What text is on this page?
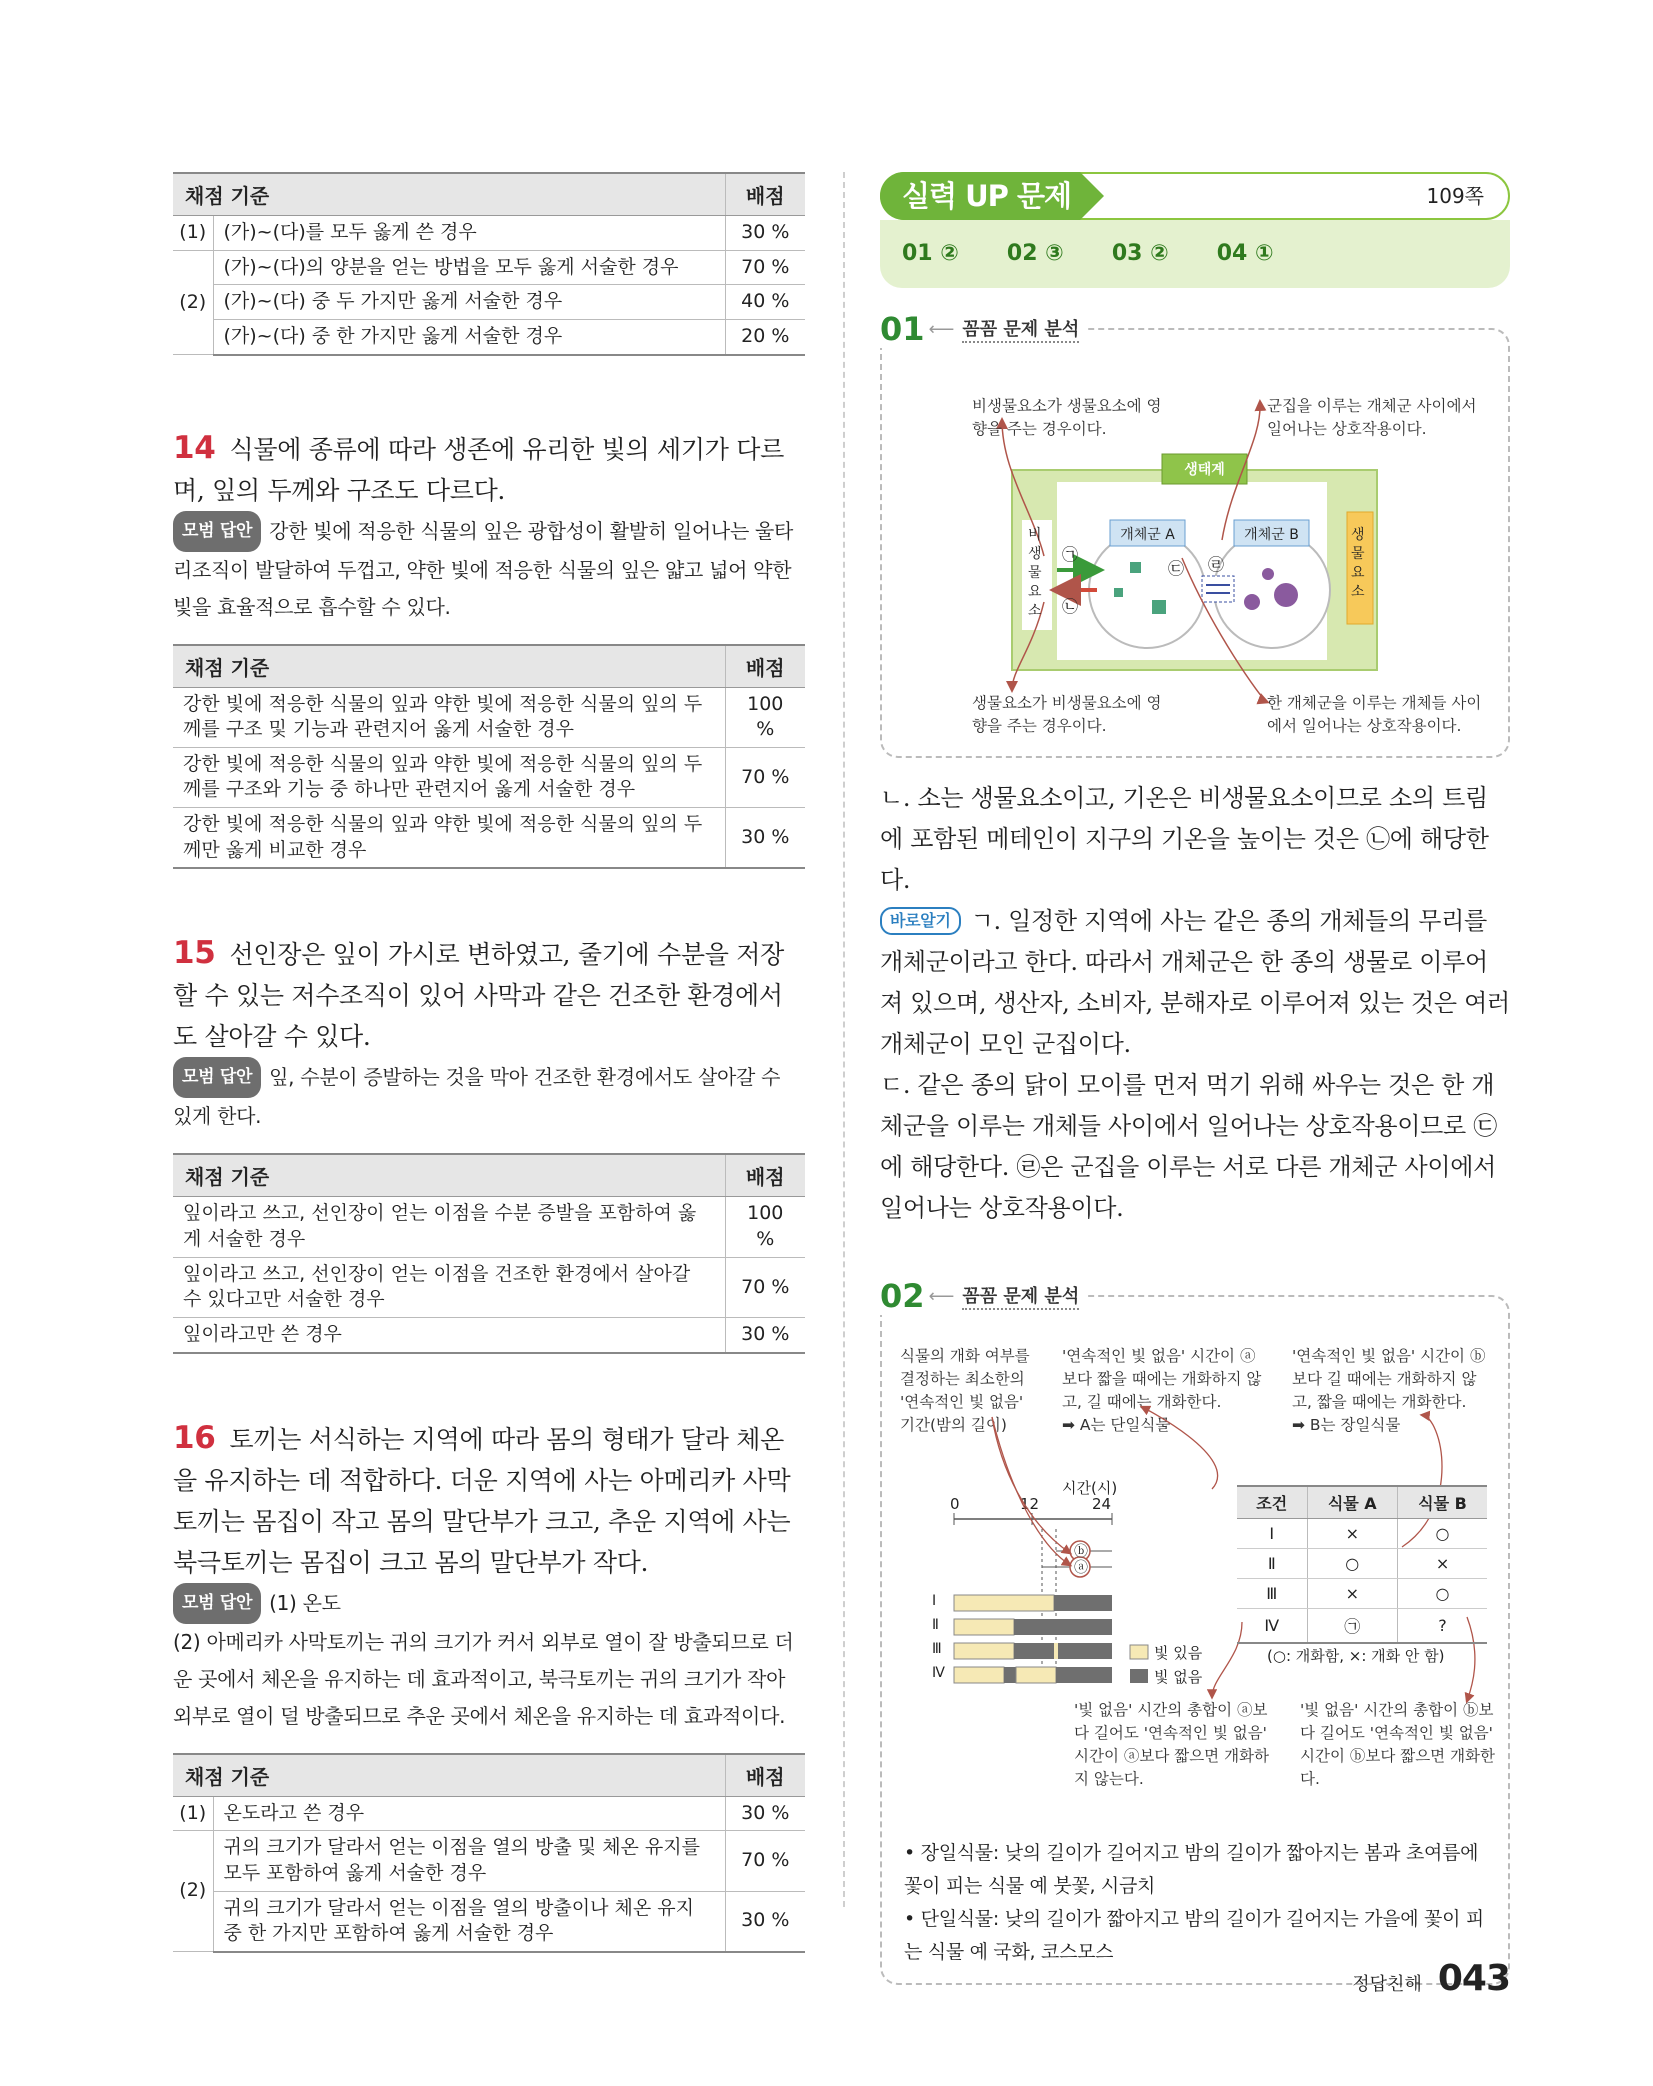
채점 기준		배점
(1)	(가)~(다)를 모두 옳게 쓴 경우	30 %
(2)	(가)~(다)의 양분을 얻는 방법을 모두 옳게 서술한 경우	70 %
	(가)~(다) 중 두 가지만 옳게 서술한 경우	40 %
	(가)~(다) 중 한 가지만 옳게 서술한 경우	20 %
14 식물에 종류에 따라 생존에 유리한 빛의 세기가 다르며, 잎의 두께와 구조도 다르다.
모범 답안 강한 빛에 적응한 식물의 잎은 광합성이 활발히 일어나는 울타리조직이 발달하여 두껍고, 약한 빛에 적응한 식물의 잎은 얇고 넓어 약한 빛을 효율적으로 흡수할 수 있다.
채점 기준	배점
강한 빛에 적응한 식물의 잎과 약한 빛에 적응한 식물의 잎의 두께를 구조 및 기능과 관련지어 옳게 서술한 경우	100 %
강한 빛에 적응한 식물의 잎과 약한 빛에 적응한 식물의 잎의 두께를 구조와 기능 중 하나만 관련지어 옳게 서술한 경우	70 %
강한 빛에 적응한 식물의 잎과 약한 빛에 적응한 식물의 잎의 두께만 옳게 비교한 경우	30 %
15 선인장은 잎이 가시로 변하였고, 줄기에 수분을 저장할 수 있는 저수조직이 있어 사막과 같은 건조한 환경에서도 살아갈 수 있다.
모범 답안 잎, 수분이 증발하는 것을 막아 건조한 환경에서도 살아갈 수 있게 한다.
채점 기준	배점
잎이라고 쓰고, 선인장이 얻는 이점을 수분 증발을 포함하여 옳게 서술한 경우	100 %
잎이라고 쓰고, 선인장이 얻는 이점을 건조한 환경에서 살아갈 수 있다고만 서술한 경우	70 %
잎이라고만 쓴 경우	30 %
16 토끼는 서식하는 지역에 따라 몸의 형태가 달라 체온을 유지하는 데 적합하다. 더운 지역에 사는 아메리카 사막토끼는 몸집이 작고 몸의 말단부가 크고, 추운 지역에 사는 북극토끼는 몸집이 크고 몸의 말단부가 작다.
모범 답안 (1) 온도
(2) 아메리카 사막토끼는 귀의 크기가 커서 외부로 열이 잘 방출되므로 더운 곳에서 체온을 유지하는 데 효과적이고, 북극토끼는 귀의 크기가 작아 외부로 열이 덜 방출되므로 추운 곳에서 체온을 유지하는 데 효과적이다.
채점 기준		배점
(1)	온도라고 쓴 경우	30 %
(2)	귀의 크기가 달라서 얻는 이점을 열의 방출 및 체온 유지를 모두 포함하여 옳게 서술한 경우	70 %
	귀의 크기가 달라서 얻는 이점을 열의 방출이나 체온 유지 중 한 가지만 포함하여 옳게 서술한 경우	30 %
실력 UP 문제	109쪽
01 ② 02 ③ 03 ② 04 ①
01 ⟵ 꼼꼼 문제 분석
비생물요소가 생물요소에 영향을 주는 경우이다.
군집을 이루는 개체군 사이에서 일어나는 상호작용이다.
생물요소가 비생물요소에 영향을 주는 경우이다.
한 개체군을 이루는 개체들 사이에서 일어나는 상호작용이다.
생태계
개체군 A	개체군 B
비생물요소
생물요소
㉠
㉡
㉢ ㉣
ㄴ. 소는 생물요소이고, 기온은 비생물요소이므로 소의 트림에 포함된 메테인이 지구의 기온을 높이는 것은 ㉡에 해당한다.
바로알기 ㄱ. 일정한 지역에 사는 같은 종의 개체들의 무리를 개체군이라고 한다. 따라서 개체군은 한 종의 생물로 이루어져 있으며, 생산자, 소비자, 분해자로 이루어져 있는 것은 여러 개체군이 모인 군집이다.
ㄷ. 같은 종의 닭이 모이를 먼저 먹기 위해 싸우는 것은 한 개체군을 이루는 개체들 사이에서 일어나는 상호작용이므로 ㉢에 해당한다. ㉣은 군집을 이루는 서로 다른 개체군 사이에서 일어나는 상호작용이다.
02 ⟵ 꼼꼼 문제 분석
식물의 개화 여부를 결정하는 최소한의 '연속적인 빛 없음' 기간(밤의 길이)
'연속적인 빛 없음' 시간이 ⓐ보다 짧을 때에는 개화하지 않고, 길 때에는 개화한다.
➡ A는 단일식물
'연속적인 빛 없음' 시간이 ⓑ보다 길 때에는 개화하지 않고, 짧을 때에는 개화한다.
➡ B는 장일식물
시간(시)
0	12	24
ⓑ
ⓐ
Ⅰ
Ⅱ
Ⅲ
Ⅳ
빛 있음
빛 없음
조건	식물 A	식물 B
Ⅰ	×	○
Ⅱ	○	×
Ⅲ	×	○
Ⅳ	㉠	?
(○: 개화함, ×: 개화 안 함)
'빛 없음' 시간의 총합이 ⓐ보다 길어도 '연속적인 빛 없음' 시간이 ⓐ보다 짧으면 개화하지 않는다.
'빛 없음' 시간의 총합이 ⓑ보다 길어도 '연속적인 빛 없음' 시간이 ⓑ보다 짧으면 개화한다.
• 장일식물: 낮의 길이가 길어지고 밤의 길이가 짧아지는 봄과 초여름에 꽃이 피는 식물 예 붓꽃, 시금치
• 단일식물: 낮의 길이가 짧아지고 밤의 길이가 길어지는 가을에 꽃이 피는 식물 예 국화, 코스모스
정답친해 043
